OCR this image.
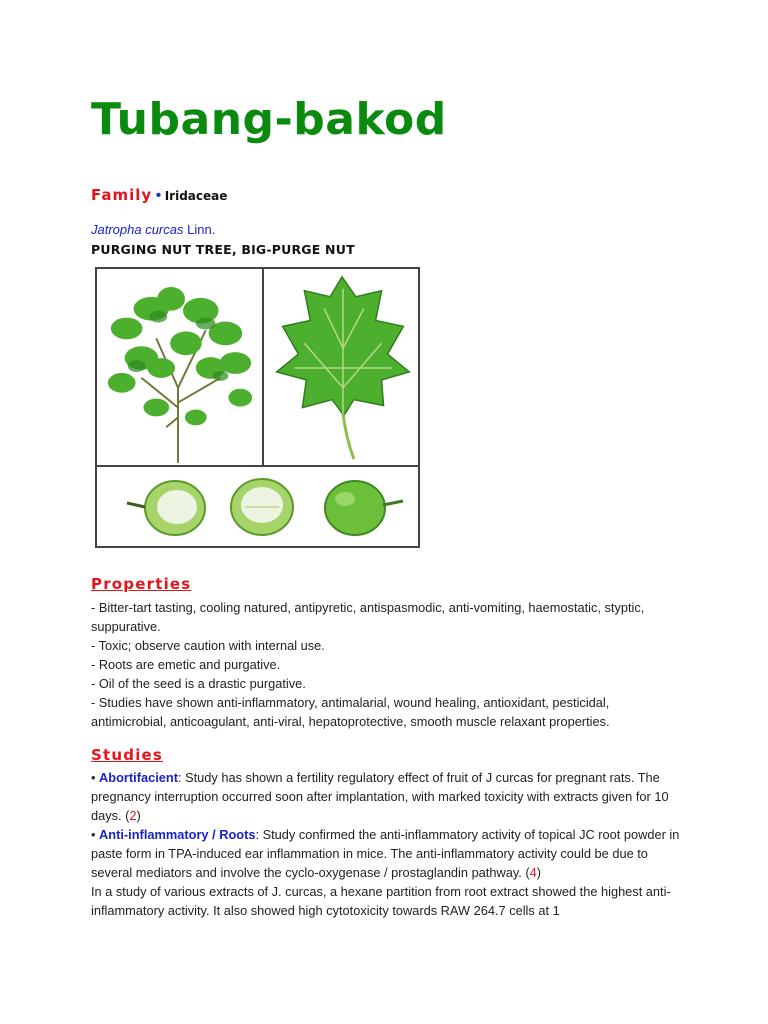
Tubang-bakod
Family • Iridaceae
Jatropha curcas Linn.
PURGING NUT TREE, BIG-PURGE NUT
Properties
- Bitter-tart tasting, cooling natured, antipyretic, antispasmodic, anti-vomiting, haemostatic, styptic, suppurative.
- Toxic; observe caution with internal use.
- Roots are emetic and purgative.
- Oil of the seed is a drastic purgative.
- Studies have shown anti-inflammatory, antimalarial, wound healing, antioxidant, pesticidal, antimicrobial, anticoagulant, anti-viral, hepatoprotective, smooth muscle relaxant properties.
Studies

• Abortifacient: Study has shown a fertility regulatory effect of fruit of J curcas for pregnant rats. The pregnancy interruption occurred soon after implantation, with marked toxicity with extracts given for 10 days. (2)

• Anti-inflammatory / Roots: Study confirmed the anti-inflammatory activity of topical JC root powder in paste form in TPA-induced ear inflammation in mice. The anti-inflammatory activity could be due to several mediators and involve the cyclo-oxygenase / prostaglandin pathway. (4)

In a study of various extracts of J. curcas, a hexane partition from root extract showed the highest anti-inflammatory activity. It also showed high cytotoxicity towards RAW 264.7 cells at 1
